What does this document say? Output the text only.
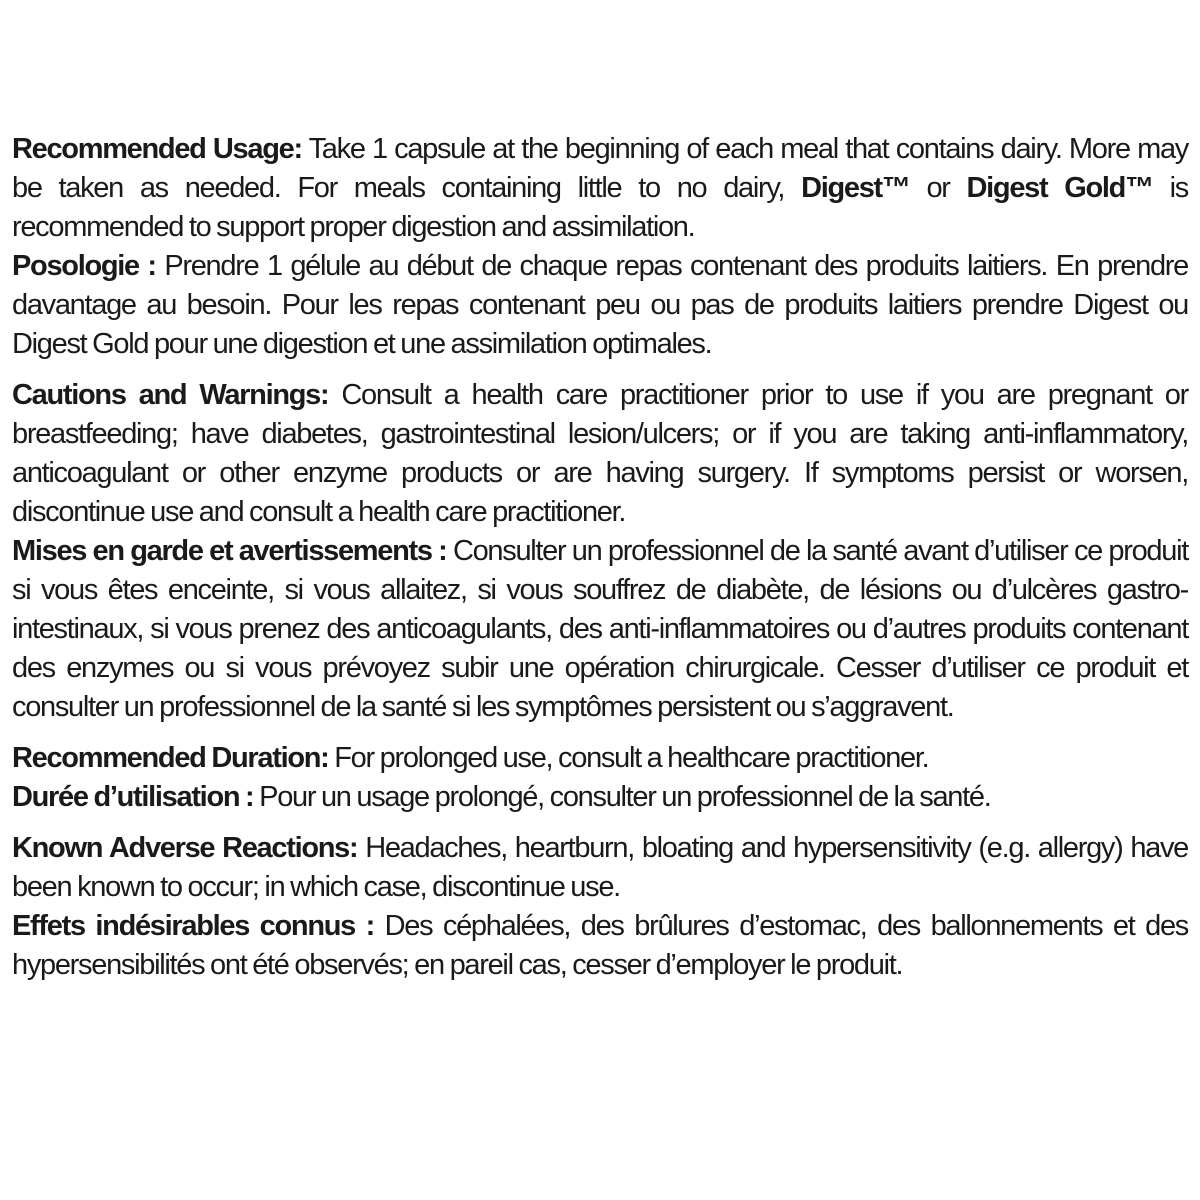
Recommended Usage: Take 1 capsule at the beginning of each meal that contains dairy. More may be taken as needed. For meals containing little to no dairy, Digest™ or Digest Gold™ is recommended to support proper digestion and assimilation.

Posologie : Prendre 1 gélule au début de chaque repas contenant des produits laitiers. En prendre davantage au besoin. Pour les repas contenant peu ou pas de produits laitiers prendre Digest ou Digest Gold pour une digestion et une assimilation optimales.

Cautions and Warnings: Consult a health care practitioner prior to use if you are pregnant or breastfeeding; have diabetes, gastrointestinal lesion/ulcers; or if you are taking anti-inflammatory, anticoagulant or other enzyme products or are having surgery. If symptoms persist or worsen, discontinue use and consult a health care practitioner.

Mises en garde et avertissements : Consulter un professionnel de la santé avant d’utiliser ce produit si vous êtes enceinte, si vous allaitez, si vous souffrez de diabète, de lésions ou d’ulcères gastro-intestinaux, si vous prenez des anticoagulants, des anti-inflammatoires ou d’autres produits contenant des enzymes ou si vous prévoyez subir une opération chirurgicale. Cesser d’utiliser ce produit et consulter un professionnel de la santé si les symptômes persistent ou s’aggravent.

Recommended Duration: For prolonged use, consult a healthcare practitioner.

Durée d’utilisation : Pour un usage prolongé, consulter un professionnel de la santé.

Known Adverse Reactions: Headaches, heartburn, bloating and hypersensitivity (e.g. allergy) have been known to occur; in which case, discontinue use.

Effets indésirables connus : Des céphalées, des brûlures d’estomac, des ballonnements et des hypersensibilités ont été observés; en pareil cas, cesser d’employer le produit.
